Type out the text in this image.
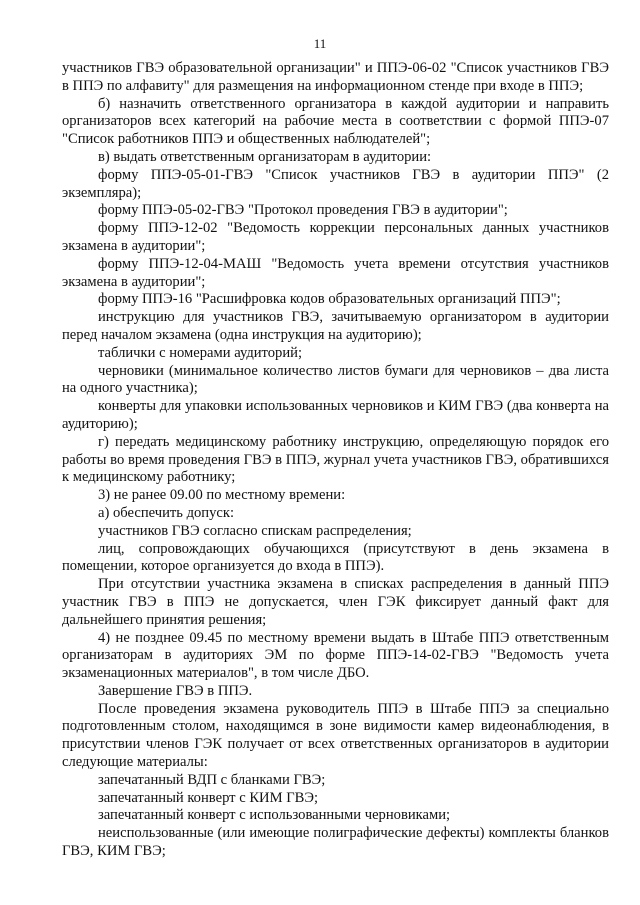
11

участников ГВЭ образовательной организации" и ППЭ-06-02 "Список участников ГВЭ в ППЭ по алфавиту" для размещения на информационном стенде при входе в ППЭ;

б) назначить ответственного организатора в каждой аудитории и направить организаторов всех категорий на рабочие места в соответствии с формой ППЭ-07 "Список работников ППЭ и общественных наблюдателей";

в) выдать ответственным организаторам в аудитории:

форму ППЭ-05-01-ГВЭ "Список участников ГВЭ в аудитории ППЭ" (2 экземпляра);

форму ППЭ-05-02-ГВЭ "Протокол проведения ГВЭ в аудитории";

форму ППЭ-12-02 "Ведомость коррекции персональных данных участников экзамена в аудитории";

форму ППЭ-12-04-МАШ "Ведомость учета времени отсутствия участников экзамена в аудитории";

форму ППЭ-16 "Расшифровка кодов образовательных организаций ППЭ";

инструкцию для участников ГВЭ, зачитываемую организатором в аудитории перед началом экзамена (одна инструкция на аудиторию);

таблички с номерами аудиторий;

черновики (минимальное количество листов бумаги для черновиков – два листа на одного участника);

конверты для упаковки использованных черновиков и КИМ ГВЭ (два конверта на аудиторию);

г) передать медицинскому работнику инструкцию, определяющую порядок его работы во время проведения ГВЭ в ППЭ, журнал учета участников ГВЭ, обратившихся к медицинскому работнику;

3) не ранее 09.00 по местному времени:

а) обеспечить допуск:

участников ГВЭ согласно спискам распределения;

лиц, сопровождающих обучающихся (присутствуют в день экзамена в помещении, которое организуется до входа в ППЭ).

При отсутствии участника экзамена в списках распределения в данный ППЭ участник ГВЭ в ППЭ не допускается, член ГЭК фиксирует данный факт для дальнейшего принятия решения;

4) не позднее 09.45 по местному времени выдать в Штабе ППЭ ответственным организаторам в аудиториях ЭМ по форме ППЭ-14-02-ГВЭ "Ведомость учета экзаменационных материалов", в том числе ДБО.

Завершение ГВЭ в ППЭ.

После проведения экзамена руководитель ППЭ в Штабе ППЭ за специально подготовленным столом, находящимся в зоне видимости камер видеонаблюдения, в присутствии членов ГЭК получает от всех ответственных организаторов в аудитории следующие материалы:

запечатанный ВДП с бланками ГВЭ;

запечатанный конверт с КИМ ГВЭ;

запечатанный конверт с использованными черновиками;

неиспользованные (или имеющие полиграфические дефекты) комплекты бланков ГВЭ, КИМ ГВЭ;
